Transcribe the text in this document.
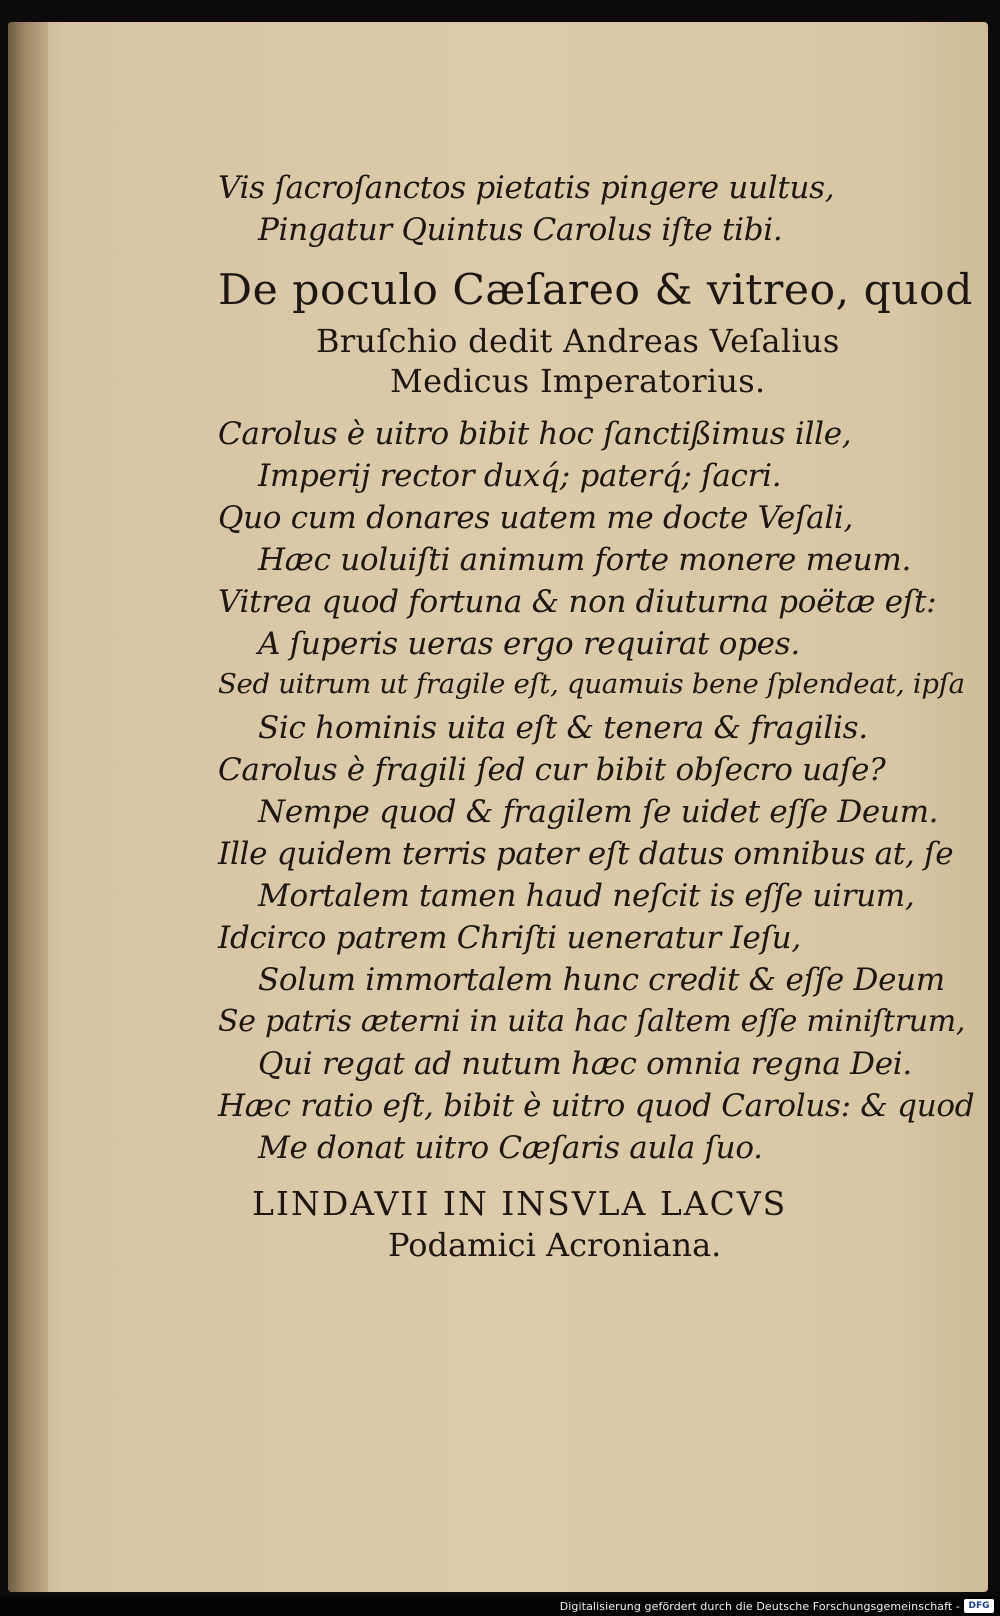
Vis ſacroſanctos pietatis pingere uultus,
Pingatur Quintus Carolus iſte tibi.
De poculo Cæſareo & vitreo, quod
Bruſchio dedit Andreas Veſalius
Medicus Imperatorius.
Carolus è uitro bibit hoc ſanctißimus ille,
Imperij rector duxq́; paterq́; ſacri.
Quo cum donares uatem me docte Veſali,
Hæc uoluiſti animum forte monere meum.
Vitrea quod fortuna & non diuturna poëtæ eſt:
A ſuperis ueras ergo requirat opes.
Sed uitrum ut fragile eſt, quamuis bene ſplendeat, ipſa
Sic hominis uita eſt & tenera & fragilis.
Carolus è fragili ſed cur bibit obſecro uaſe?
Nempe quod & fragilem ſe uidet eſſe Deum.
Ille quidem terris pater eſt datus omnibus at, ſe
Mortalem tamen haud neſcit is eſſe uirum,
Idcirco patrem Chriſti ueneratur Ieſu,
Solum immortalem hunc credit & eſſe Deum
Se patris æterni in uita hac ſaltem eſſe miniſtrum,
Qui regat ad nutum hæc omnia regna Dei.
Hæc ratio eſt, bibit è uitro quod Carolus: & quod
Me donat uitro Cæſaris aula ſuo.
LINDAVII IN INSVLA LACVS
Podamici Acroniana.
Digitalisierung gefördert durch die Deutsche Forschungsgemeinschaft - DFG
